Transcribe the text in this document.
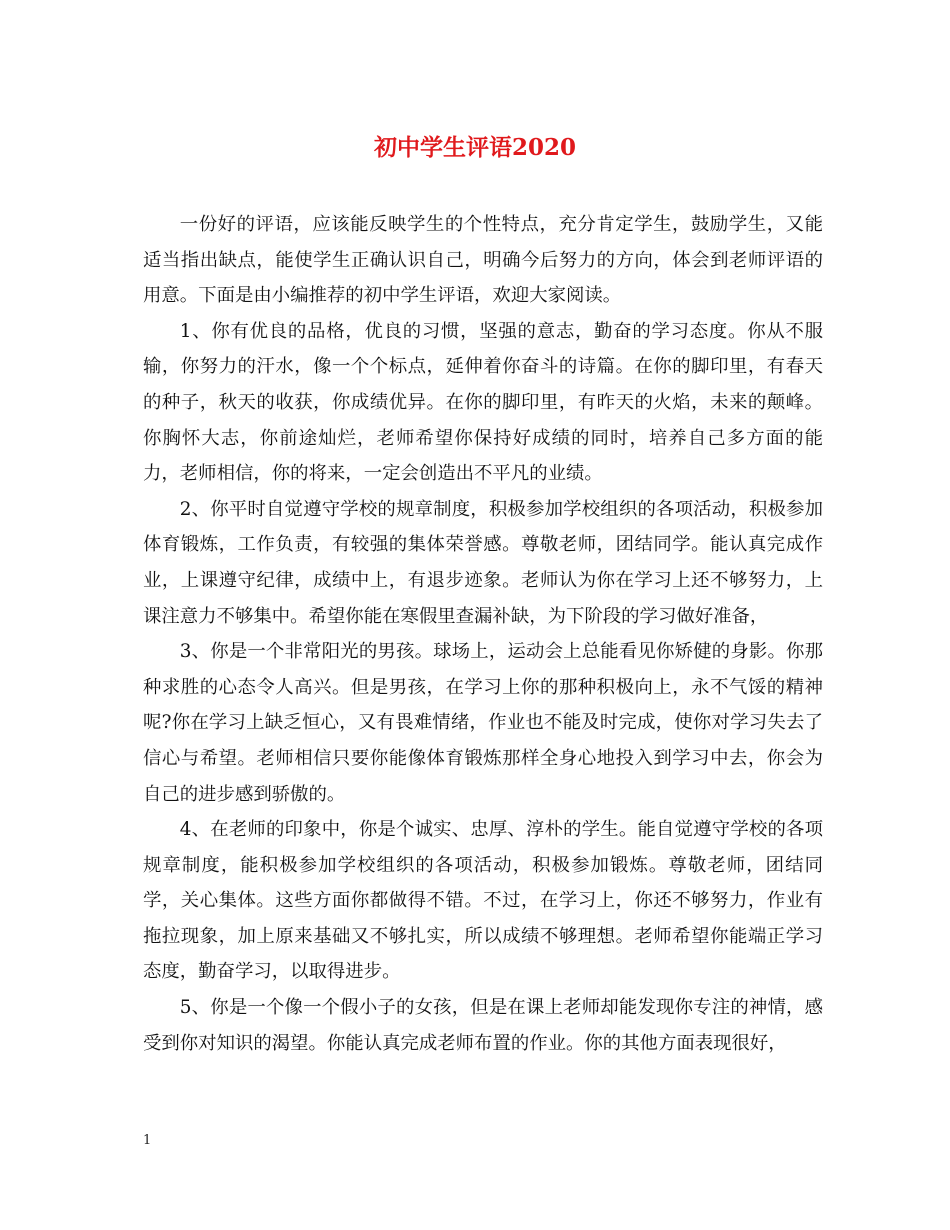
初中学生评语2020

一份好的评语，应该能反映学生的个性特点，充分肯定学生，鼓励学生，又能适当指出缺点，能使学生正确认识自己，明确今后努力的方向，体会到老师评语的用意。下面是由小编推荐的初中学生评语，欢迎大家阅读。

1、你有优良的品格，优良的习惯，坚强的意志，勤奋的学习态度。你从不服输，你努力的汗水，像一个个标点，延伸着你奋斗的诗篇。在你的脚印里，有春天的种子，秋天的收获，你成绩优异。在你的脚印里，有昨天的火焰，未来的颠峰。你胸怀大志，你前途灿烂，老师希望你保持好成绩的同时，培养自己多方面的能力，老师相信，你的将来，一定会创造出不平凡的业绩。

2、你平时自觉遵守学校的规章制度，积极参加学校组织的各项活动，积极参加体育锻炼，工作负责，有较强的集体荣誉感。尊敬老师，团结同学。能认真完成作业，上课遵守纪律，成绩中上，有退步迹象。老师认为你在学习上还不够努力，上课注意力不够集中。希望你能在寒假里查漏补缺，为下阶段的学习做好准备，

3、你是一个非常阳光的男孩。球场上，运动会上总能看见你矫健的身影。你那种求胜的心态令人高兴。但是男孩，在学习上你的那种积极向上，永不气馁的精神呢?你在学习上缺乏恒心，又有畏难情绪，作业也不能及时完成，使你对学习失去了信心与希望。老师相信只要你能像体育锻炼那样全身心地投入到学习中去，你会为自己的进步感到骄傲的。

4、在老师的印象中，你是个诚实、忠厚、淳朴的学生。能自觉遵守学校的各项规章制度，能积极参加学校组织的各项活动，积极参加锻炼。尊敬老师，团结同学，关心集体。这些方面你都做得不错。不过，在学习上，你还不够努力，作业有拖拉现象，加上原来基础又不够扎实，所以成绩不够理想。老师希望你能端正学习态度，勤奋学习，以取得进步。

5、你是一个像一个假小子的女孩，但是在课上老师却能发现你专注的神情，感受到你对知识的渴望。你能认真完成老师布置的作业。你的其他方面表现很好，

1
